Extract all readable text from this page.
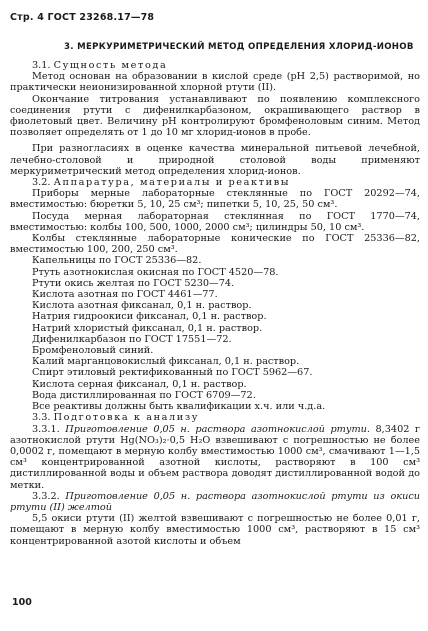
Стр. 4 ГОСТ 23268.17—78
3. МЕРКУРИМЕТРИЧЕСКИЙ МЕТОД ОПРЕДЕЛЕНИЯ ХЛОРИД-ИОНОВ

3.1. Сущность метода

Метод основан на образовании в кислой среде (рН 2,5) растворимой, но практически неионизированной хлорной ртути (II).

Окончание титрования устанавливают по появлению комплексного соединения ртути с дифенилкарбазоном, окрашивающего раствор в фиолетовый цвет. Величину рН контролируют бромфеноловым синим. Метод позволяет определять от 1 до 10 мг хлорид-ионов в пробе.

При разногласиях в оценке качества минеральной питьевой лечебной, лечебно-столовой и природной столовой воды применяют меркуриметрический метод определения хлорид-ионов.

3.2. Аппаратура, материалы и реактивы

Приборы мерные лабораторные стеклянные по ГОСТ 20292—74, вместимостью: бюретки 5, 10, 25 см³; пипетки 5, 10, 25, 50 см³.

Посуда мерная лабораторная стеклянная по ГОСТ 1770—74, вместимостью: колбы 100, 500, 1000, 2000 см³; цилиндры 50, 10 см³.

Колбы стеклянные лабораторные конические по ГОСТ 25336—82, вместимостью 100, 200, 250 см³.

Капельницы по ГОСТ 25336—82.

Ртуть азотнокислая окисная по ГОСТ 4520—78.

Ртути окись желтая по ГОСТ 5230—74.

Кислота азотная по ГОСТ 4461—77.

Кислота азотная фиксанал, 0,1 н. раствор.

Натрия гидроокиси фиксанал, 0,1 н. раствор.

Натрий хлористый фиксанал, 0,1 н. раствор.

Дифенилкарбазон по ГОСТ 17551—72.

Бромфеноловый синий.

Калий марганцовокислый фиксанал, 0,1 н. раствор.

Спирт этиловый ректификованный по ГОСТ 5962—67.

Кислота серная фиксанал, 0,1 н. раствор.

Вода дистиллированная по ГОСТ 6709—72.

Все реактивы должны быть квалификации х.ч. или ч.д.а.

3.3. Подготовка к анализу

3.3.1. Приготовление 0,05 н. раствора азотнокислой ртути. 8,3402 г азотнокислой ртути Hg(NO₃)₂·0,5 H₂O взвешивают с погрешностью не более 0,0002 г, помещают в мерную колбу вместимостью 1000 см³, смачивают 1—1,5 см³ концентрированной азотной кислоты, растворяют в 100 см³ дистиллированной воды и объем раствора доводят дистиллированной водой до метки.

3.3.2. Приготовление 0,05 н. раствора азотнокислой ртути из окиси ртути (II) желтой

5,5 окиси ртути (II) желтой взвешивают с погрешностью не более 0,01 г, помещают в мерную колбу вместимостью 1000 см³, растворяют в 15 см³ концентрированной азотой кислоты и объем

100
